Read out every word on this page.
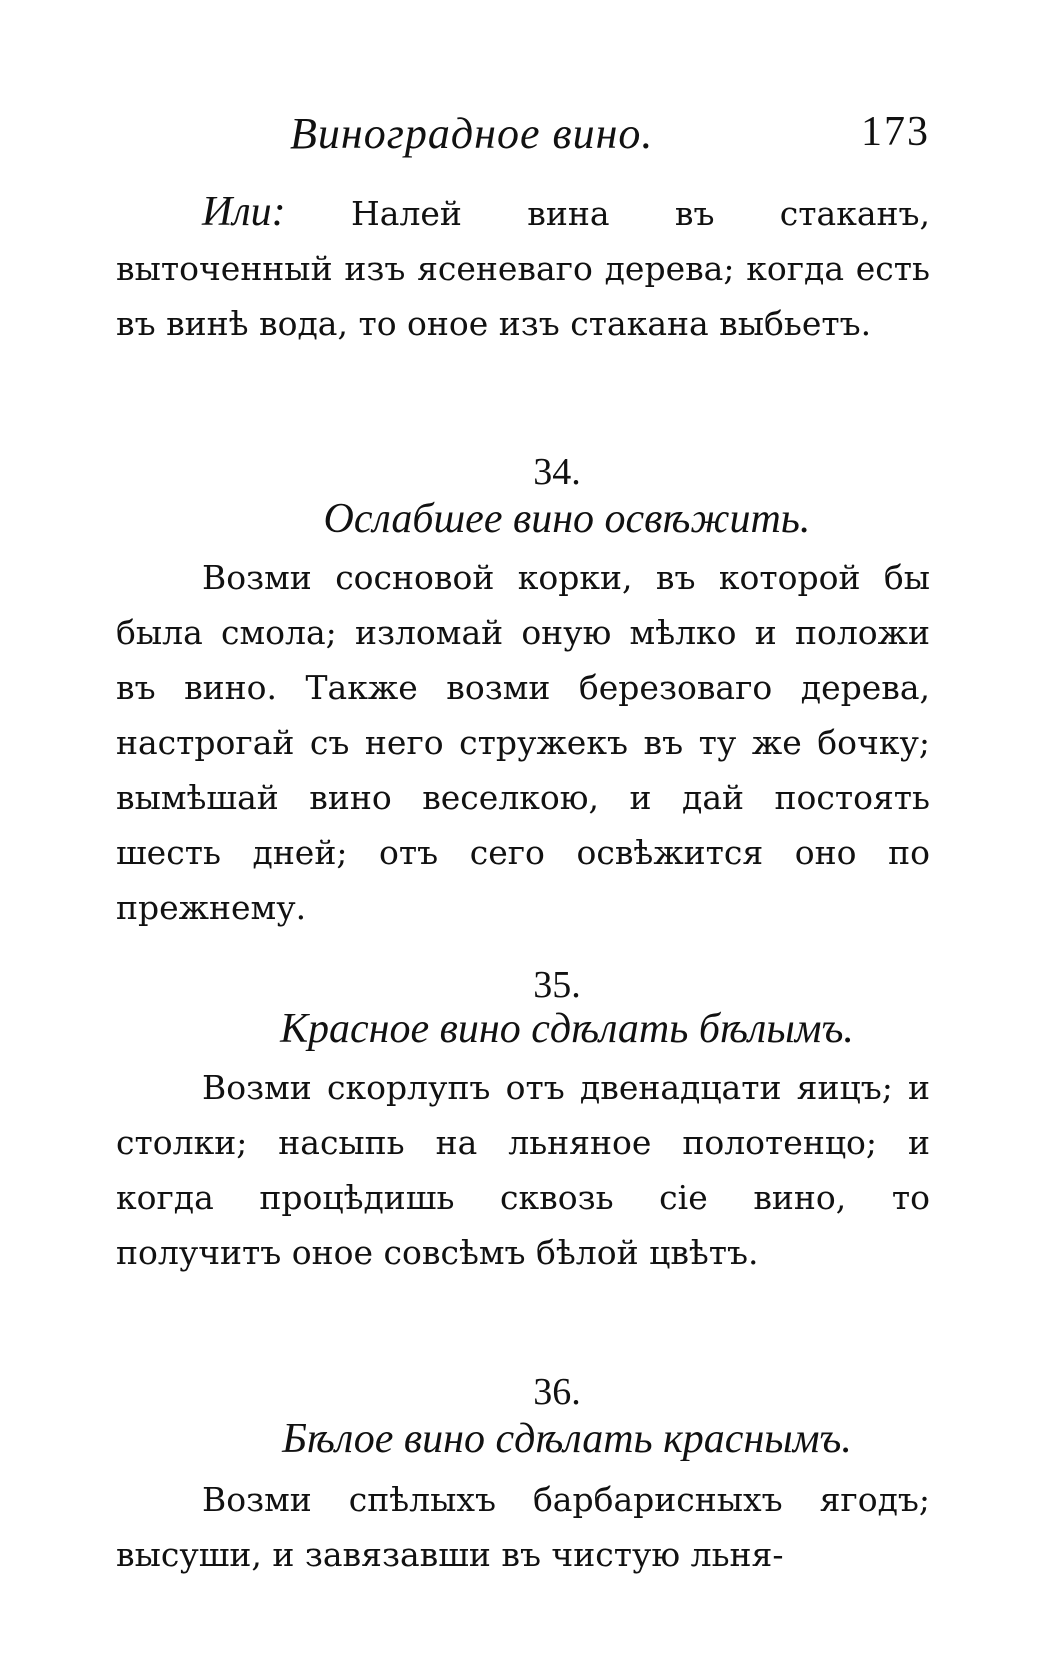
Виноградное вино.	173

Или: Налей вина въ стаканъ, выточенный изъ ясеневаго дерева; когда есть въ винѣ вода, то оное изъ стакана выбьетъ.

34.
Ослабшее вино освѣжить.

Возми сосновой корки, въ которой бы была смола; изломай оную мѣлко и положи въ вино. Также возми березоваго дерева, настрогай съ него стружекъ въ ту же бочку; вымѣшай вино веселкою, и дай постоять шесть дней; отъ сего освѣжится оно по прежнему.

35.
Красное вино сдѣлать бѣлымъ.

Возми скорлупъ отъ двенадцати яицъ; и столки; насыпь на льняное полотенцо; и когда процѣдишь сквозь сіе вино, то получитъ оное совсѣмъ бѣлой цвѣтъ.

36.
Бѣлое вино сдѣлать краснымъ.

Возми спѣлыхъ барбарисныхъ ягодъ; высуши, и завязавши въ чистую льня-
